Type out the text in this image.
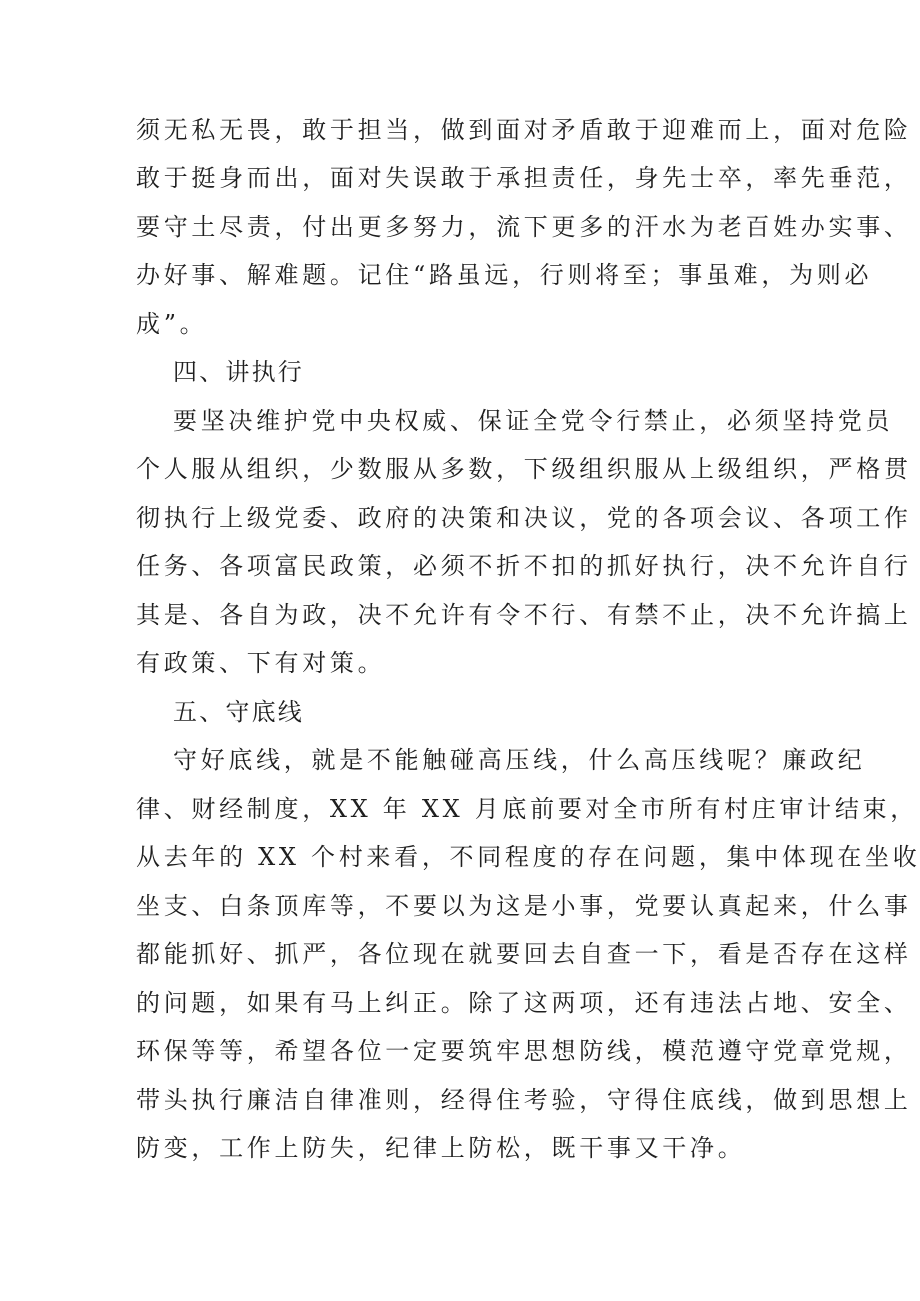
须无私无畏，敢于担当，做到面对矛盾敢于迎难而上，面对危险
敢于挺身而出，面对失误敢于承担责任，身先士卒，率先垂范，
要守土尽责，付出更多努力，流下更多的汗水为老百姓办实事、
办好事、解难题。记住“路虽远，行则将至；事虽难，为则必
成”。
四、讲执行
要坚决维护党中央权威、保证全党令行禁止，必须坚持党员
个人服从组织，少数服从多数，下级组织服从上级组织，严格贯
彻执行上级党委、政府的决策和决议，党的各项会议、各项工作
任务、各项富民政策，必须不折不扣的抓好执行，决不允许自行
其是、各自为政，决不允许有令不行、有禁不止，决不允许搞上
有政策、下有对策。
五、守底线
守好底线，就是不能触碰高压线，什么高压线呢？廉政纪
律、财经制度，XX 年 XX 月底前要对全市所有村庄审计结束，
从去年的 XX 个村来看，不同程度的存在问题，集中体现在坐收
坐支、白条顶库等，不要以为这是小事，党要认真起来，什么事
都能抓好、抓严，各位现在就要回去自查一下，看是否存在这样
的问题，如果有马上纠正。除了这两项，还有违法占地、安全、
环保等等，希望各位一定要筑牢思想防线，模范遵守党章党规，
带头执行廉洁自律准则，经得住考验，守得住底线，做到思想上
防变，工作上防失，纪律上防松，既干事又干净。
